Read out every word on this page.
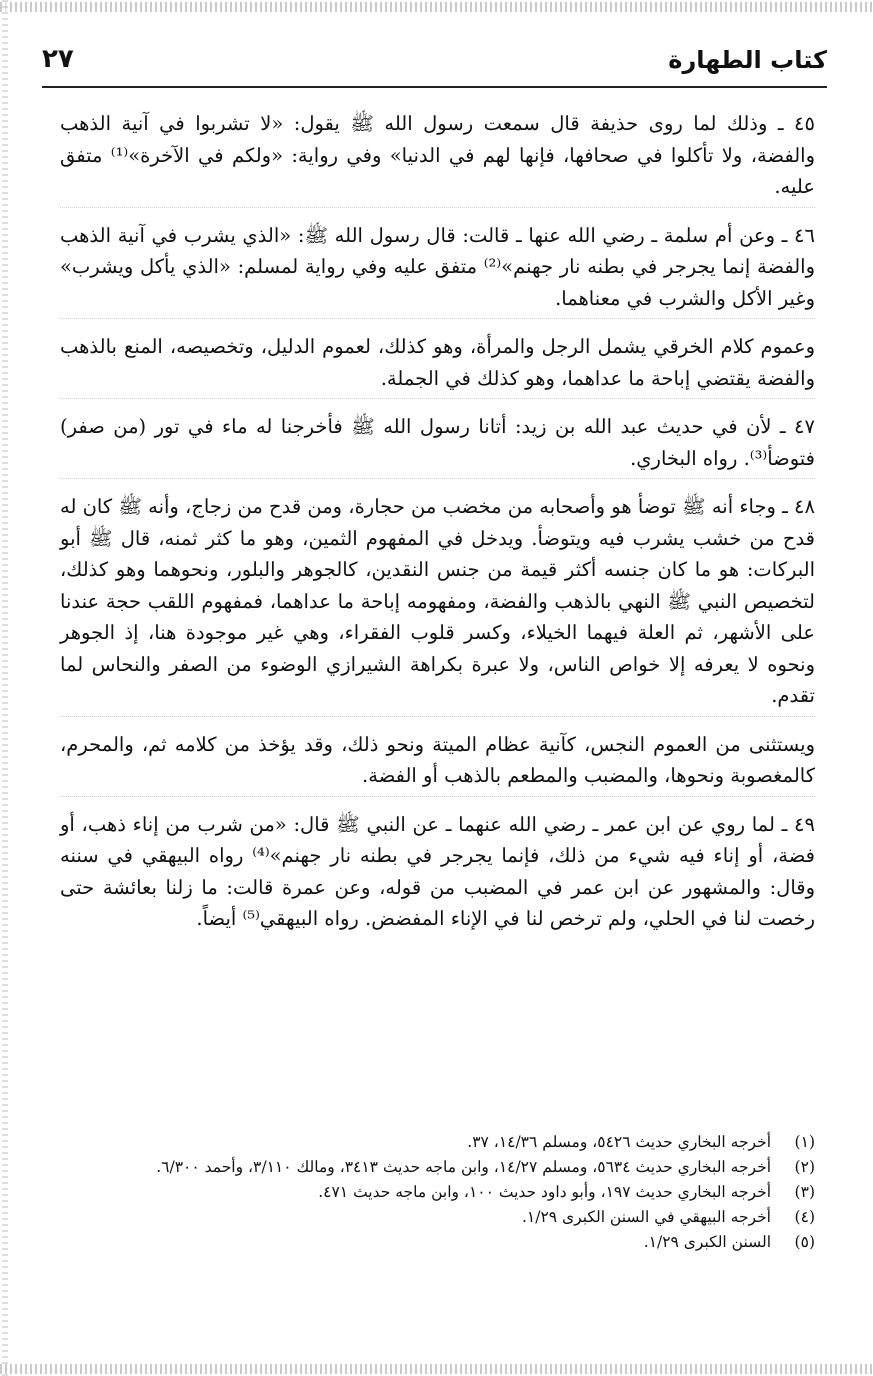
كتاب الطهارة
٢٧

٤٥ ـ وذلك لما روى حذيفة قال سمعت رسول الله ﷺ يقول: «لا تشربوا في آنية الذهب والفضة، ولا تأكلوا في صحافها، فإنها لهم في الدنيا» وفي رواية: «ولكم في الآخرة»⁽¹⁾ متفق عليه.

٤٦ ـ وعن أم سلمة ـ رضي الله عنها ـ قالت: قال رسول الله ﷺ: «الذي يشرب في آنية الذهب والفضة إنما يجرجر في بطنه نار جهنم»⁽²⁾ متفق عليه وفي رواية لمسلم: «الذي يأكل ويشرب» وغير الأكل والشرب في معناهما.

وعموم كلام الخرقي يشمل الرجل والمرأة، وهو كذلك، لعموم الدليل، وتخصيصه، المنع بالذهب والفضة يقتضي إباحة ما عداهما، وهو كذلك في الجملة.

٤٧ ـ لأن في حديث عبد الله بن زيد: أتانا رسول الله ﷺ فأخرجنا له ماء في تور (من صفر) فتوضأ⁽³⁾. رواه البخاري.

٤٨ ـ وجاء أنه ﷺ توضأ هو وأصحابه من مخضب من حجارة، ومن قدح من زجاج، وأنه ﷺ كان له قدح من خشب يشرب فيه ويتوضأ. ويدخل في المفهوم الثمين، وهو ما كثر ثمنه، قال ﷺ أبو البركات: هو ما كان جنسه أكثر قيمة من جنس النقدين، كالجوهر والبلور، ونحوهما وهو كذلك، لتخصيص النبي ﷺ النهي بالذهب والفضة، ومفهومه إباحة ما عداهما، فمفهوم اللقب حجة عندنا على الأشهر، ثم العلة فيهما الخيلاء، وكسر قلوب الفقراء، وهي غير موجودة هنا، إذ الجوهر ونحوه لا يعرفه إلا خواص الناس، ولا عبرة بكراهة الشيرازي الوضوء من الصفر والنحاس لما تقدم.

ويستثنى من العموم النجس، كآنية عظام الميتة ونحو ذلك، وقد يؤخذ من كلامه ثم، والمحرم، كالمغصوبة ونحوها، والمضبب والمطعم بالذهب أو الفضة.

٤٩ ـ لما روي عن ابن عمر ـ رضي الله عنهما ـ عن النبي ﷺ قال: «من شرب من إناء ذهب، أو فضة، أو إناء فيه شيء من ذلك، فإنما يجرجر في بطنه نار جهنم»⁽⁴⁾ رواه البيهقي في سننه وقال: والمشهور عن ابن عمر في المضبب من قوله، وعن عمرة قالت: ما زلنا بعائشة حتى رخصت لنا في الحلي، ولم ترخص لنا في الإناء المفضض. رواه البيهقي⁽⁵⁾ أيضاً.

(١)
أخرجه البخاري حديث ٥٤٢٦، ومسلم ١٤/٣٦، ٣٧.
(٢)
أخرجه البخاري حديث ٥٦٣٤، ومسلم ١٤/٢٧، وابن ماجه حديث ٣٤١٣، ومالك ٣/١١٠، وأحمد ٦/٣٠٠.
(٣)
أخرجه البخاري حديث ١٩٧، وأبو داود حديث ١٠٠، وابن ماجه حديث ٤٧١.
(٤)
أخرجه البيهقي في السنن الكبرى ١/٢٩.
(٥)
السنن الكبرى ١/٢٩.
